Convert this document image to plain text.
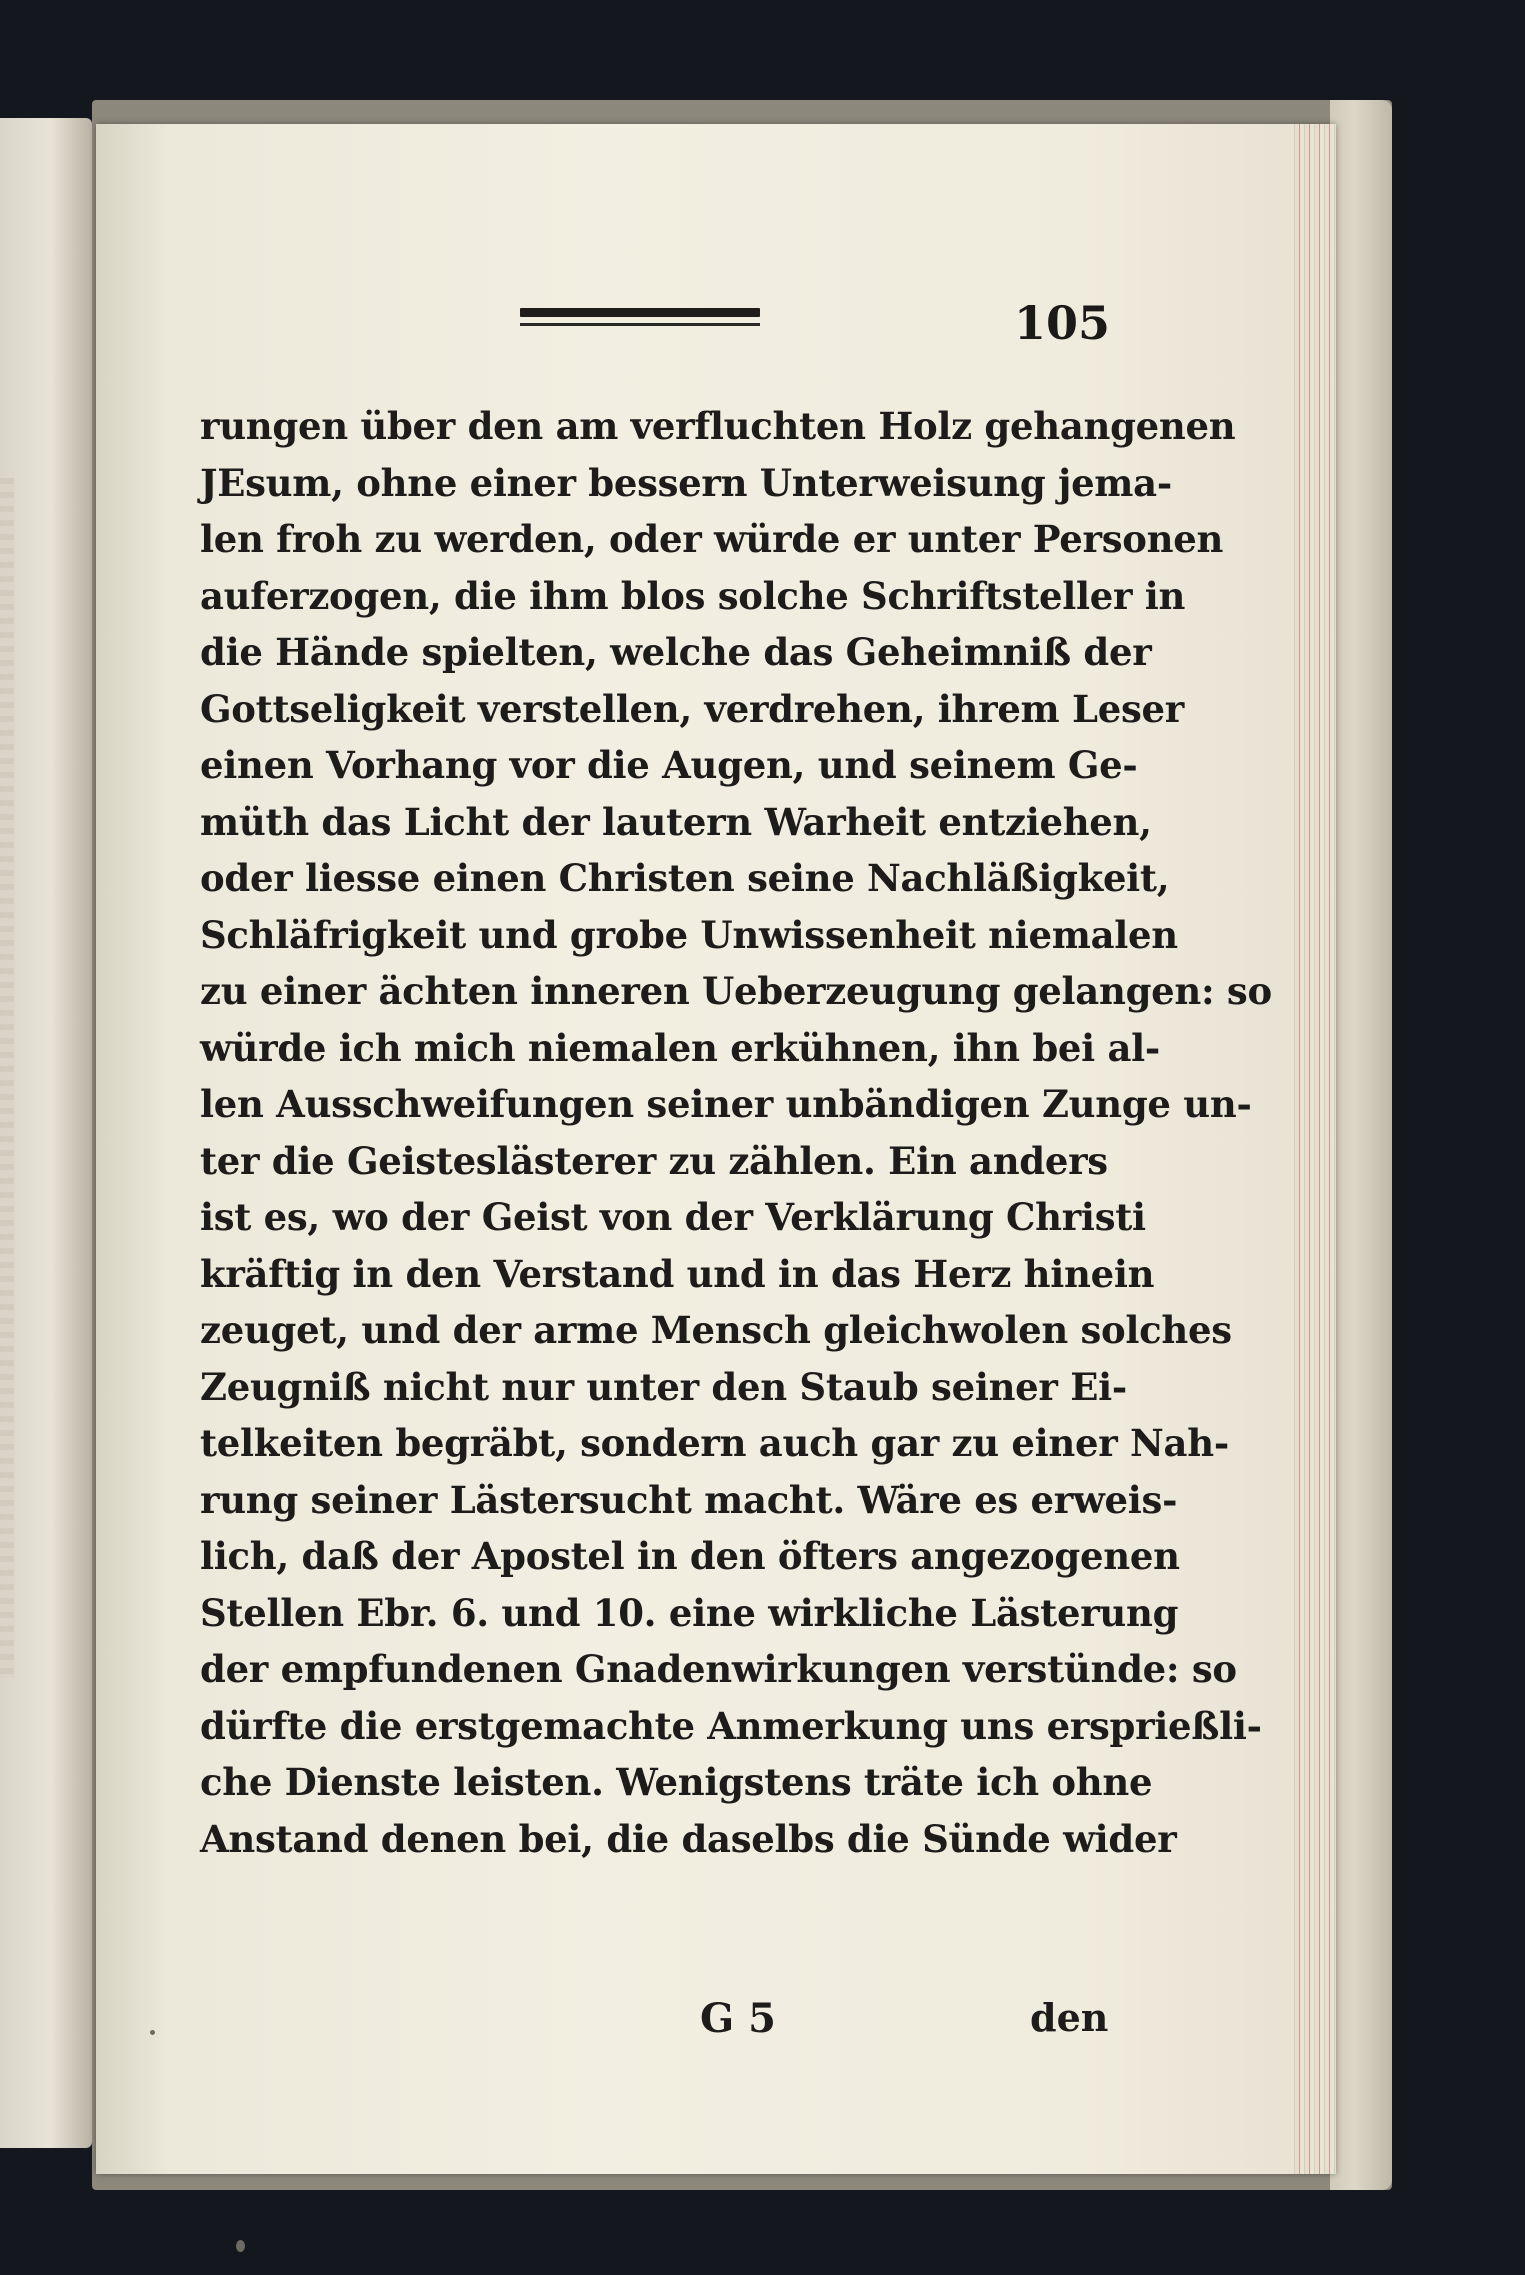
105
rungen über den am verfluchten Holz gehangenen
JEsum, ohne einer bessern Unterweisung jema-
len froh zu werden, oder würde er unter Personen
auferzogen, die ihm blos solche Schriftsteller in
die Hände spielten, welche das Geheimniß der
Gottseligkeit verstellen, verdrehen, ihrem Leser
einen Vorhang vor die Augen, und seinem Ge-
müth das Licht der lautern Warheit entziehen,
oder liesse einen Christen seine Nachläßigkeit,
Schläfrigkeit und grobe Unwissenheit niemalen
zu einer ächten inneren Ueberzeugung gelangen: so
würde ich mich niemalen erkühnen, ihn bei al-
len Ausschweifungen seiner unbändigen Zunge un-
ter die Geisteslästerer zu zählen. Ein anders
ist es, wo der Geist von der Verklärung Christi
kräftig in den Verstand und in das Herz hinein
zeuget, und der arme Mensch gleichwolen solches
Zeugniß nicht nur unter den Staub seiner Ei-
telkeiten begräbt, sondern auch gar zu einer Nah-
rung seiner Lästersucht macht. Wäre es erweis-
lich, daß der Apostel in den öfters angezogenen
Stellen Ebr. 6. und 10. eine wirkliche Lästerung
der empfundenen Gnadenwirkungen verstünde: so
dürfte die erstgemachte Anmerkung uns ersprießli-
che Dienste leisten. Wenigstens träte ich ohne
Anstand denen bei, die daselbs die Sünde wider
G 5	den
